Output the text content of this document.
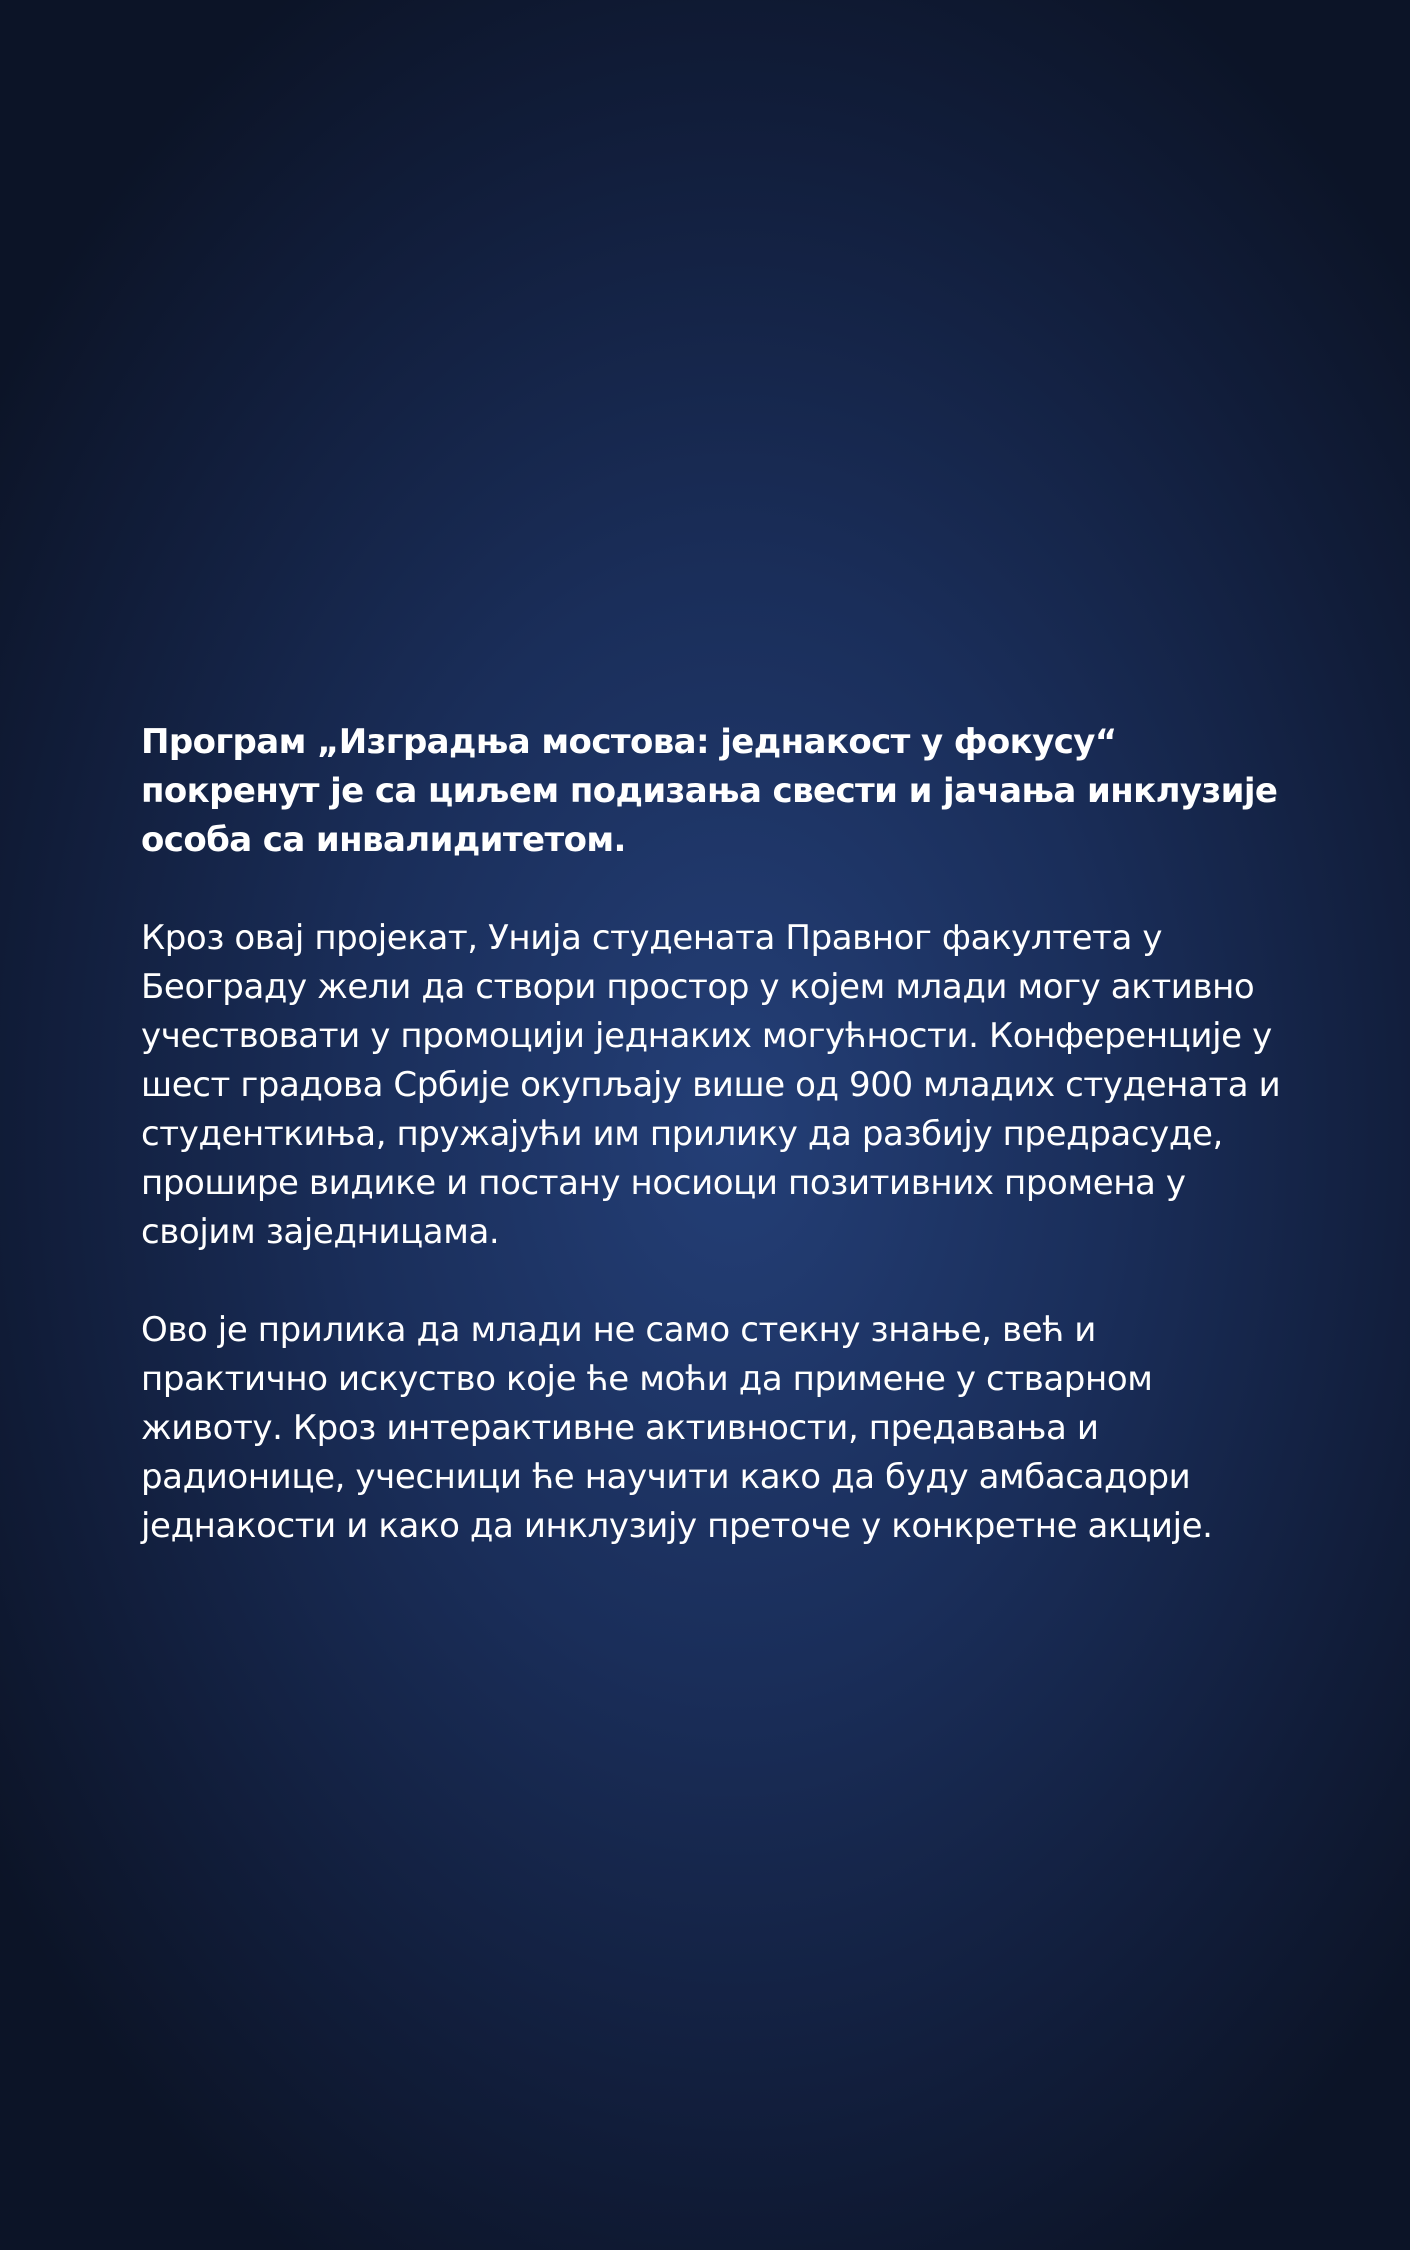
Програм „Изградња мостова: једнакост у фокусу“ покренут је са циљем подизања свести и јачања инклузије особа са инвалидитетом.

Кроз овај пројекат, Унија студената Правног факултета у Београду жели да створи простор у којем млади могу активно учествовати у промоцији једнаких могућности. Конференције у шест градова Србије окупљају више од 900 младих студената и студенткиња, пружајући им прилику да разбију предрасуде, прошире видике и постану носиоци позитивних промена у својим заједницама.

Ово је прилика да млади не само стекну знање, већ и практично искуство које ће моћи да примене у стварном животу. Кроз интерактивне активности, предавања и радионице, учесници ће научити како да буду амбасадори једнакости и како да инклузију преточе у конкретне акције.
